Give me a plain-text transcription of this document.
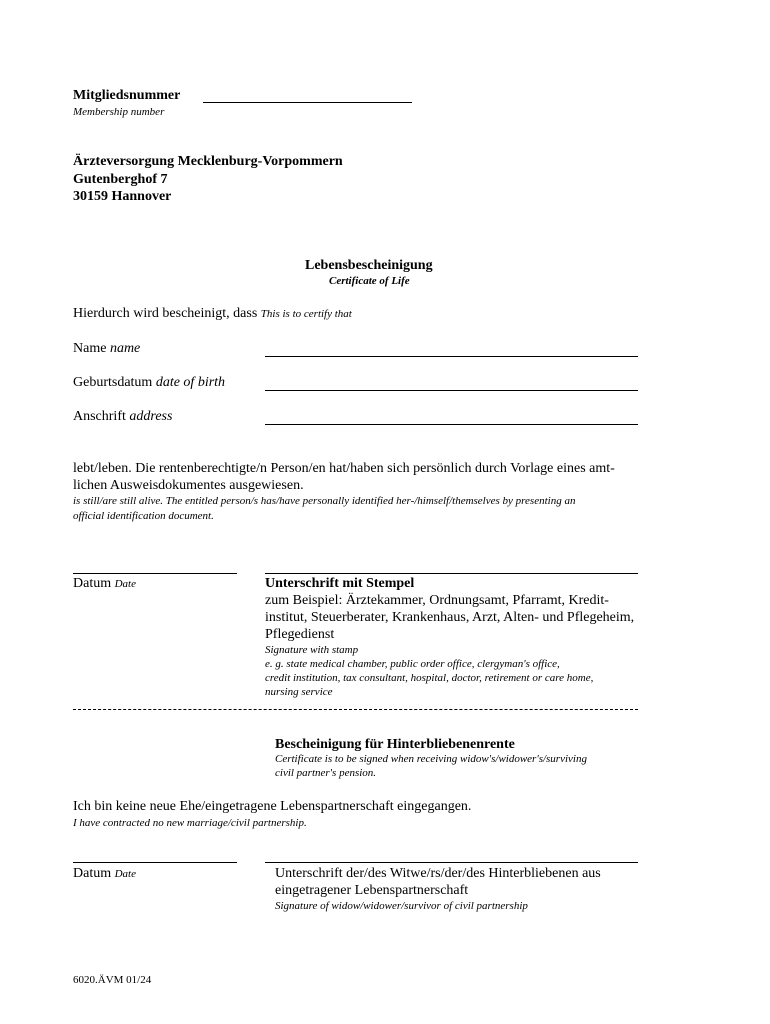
Mitgliedsnummer
Membership number
Ärzteversorgung Mecklenburg-Vorpommern
Gutenberghof 7
30159 Hannover
Lebensbescheinigung
Certificate of Life
Hierdurch wird bescheinigt, dass This is to certify that
Name name
Geburtsdatum date of birth
Anschrift address
lebt/leben. Die rentenberechtigte/n Person/en hat/haben sich persönlich durch Vorlage eines amt-
lichen Ausweisdokumentes ausgewiesen.
is still/are still alive. The entitled person/s has/have personally identified her-/himself/themselves by presenting an
official identification document.
Datum Date	Unterschrift mit Stempel
zum Beispiel: Ärztekammer, Ordnungsamt, Pfarramt, Kredit-
institut, Steuerberater, Krankenhaus, Arzt, Alten- und Pflegeheim,
Pflegedienst
Signature with stamp
e. g. state medical chamber, public order office, clergyman's office,
credit institution, tax consultant, hospital, doctor, retirement or care home,
nursing service
Bescheinigung für Hinterbliebenenrente
Certificate is to be signed when receiving widow's/widower's/surviving
civil partner's pension.
Ich bin keine neue Ehe/eingetragene Lebenspartnerschaft eingegangen.
I have contracted no new marriage/civil partnership.
Datum Date	Unterschrift der/des Witwe/rs/der/des Hinterbliebenen aus
eingetragener Lebenspartnerschaft
Signature of widow/widower/survivor of civil partnership
6020.ÄVM 01/24
